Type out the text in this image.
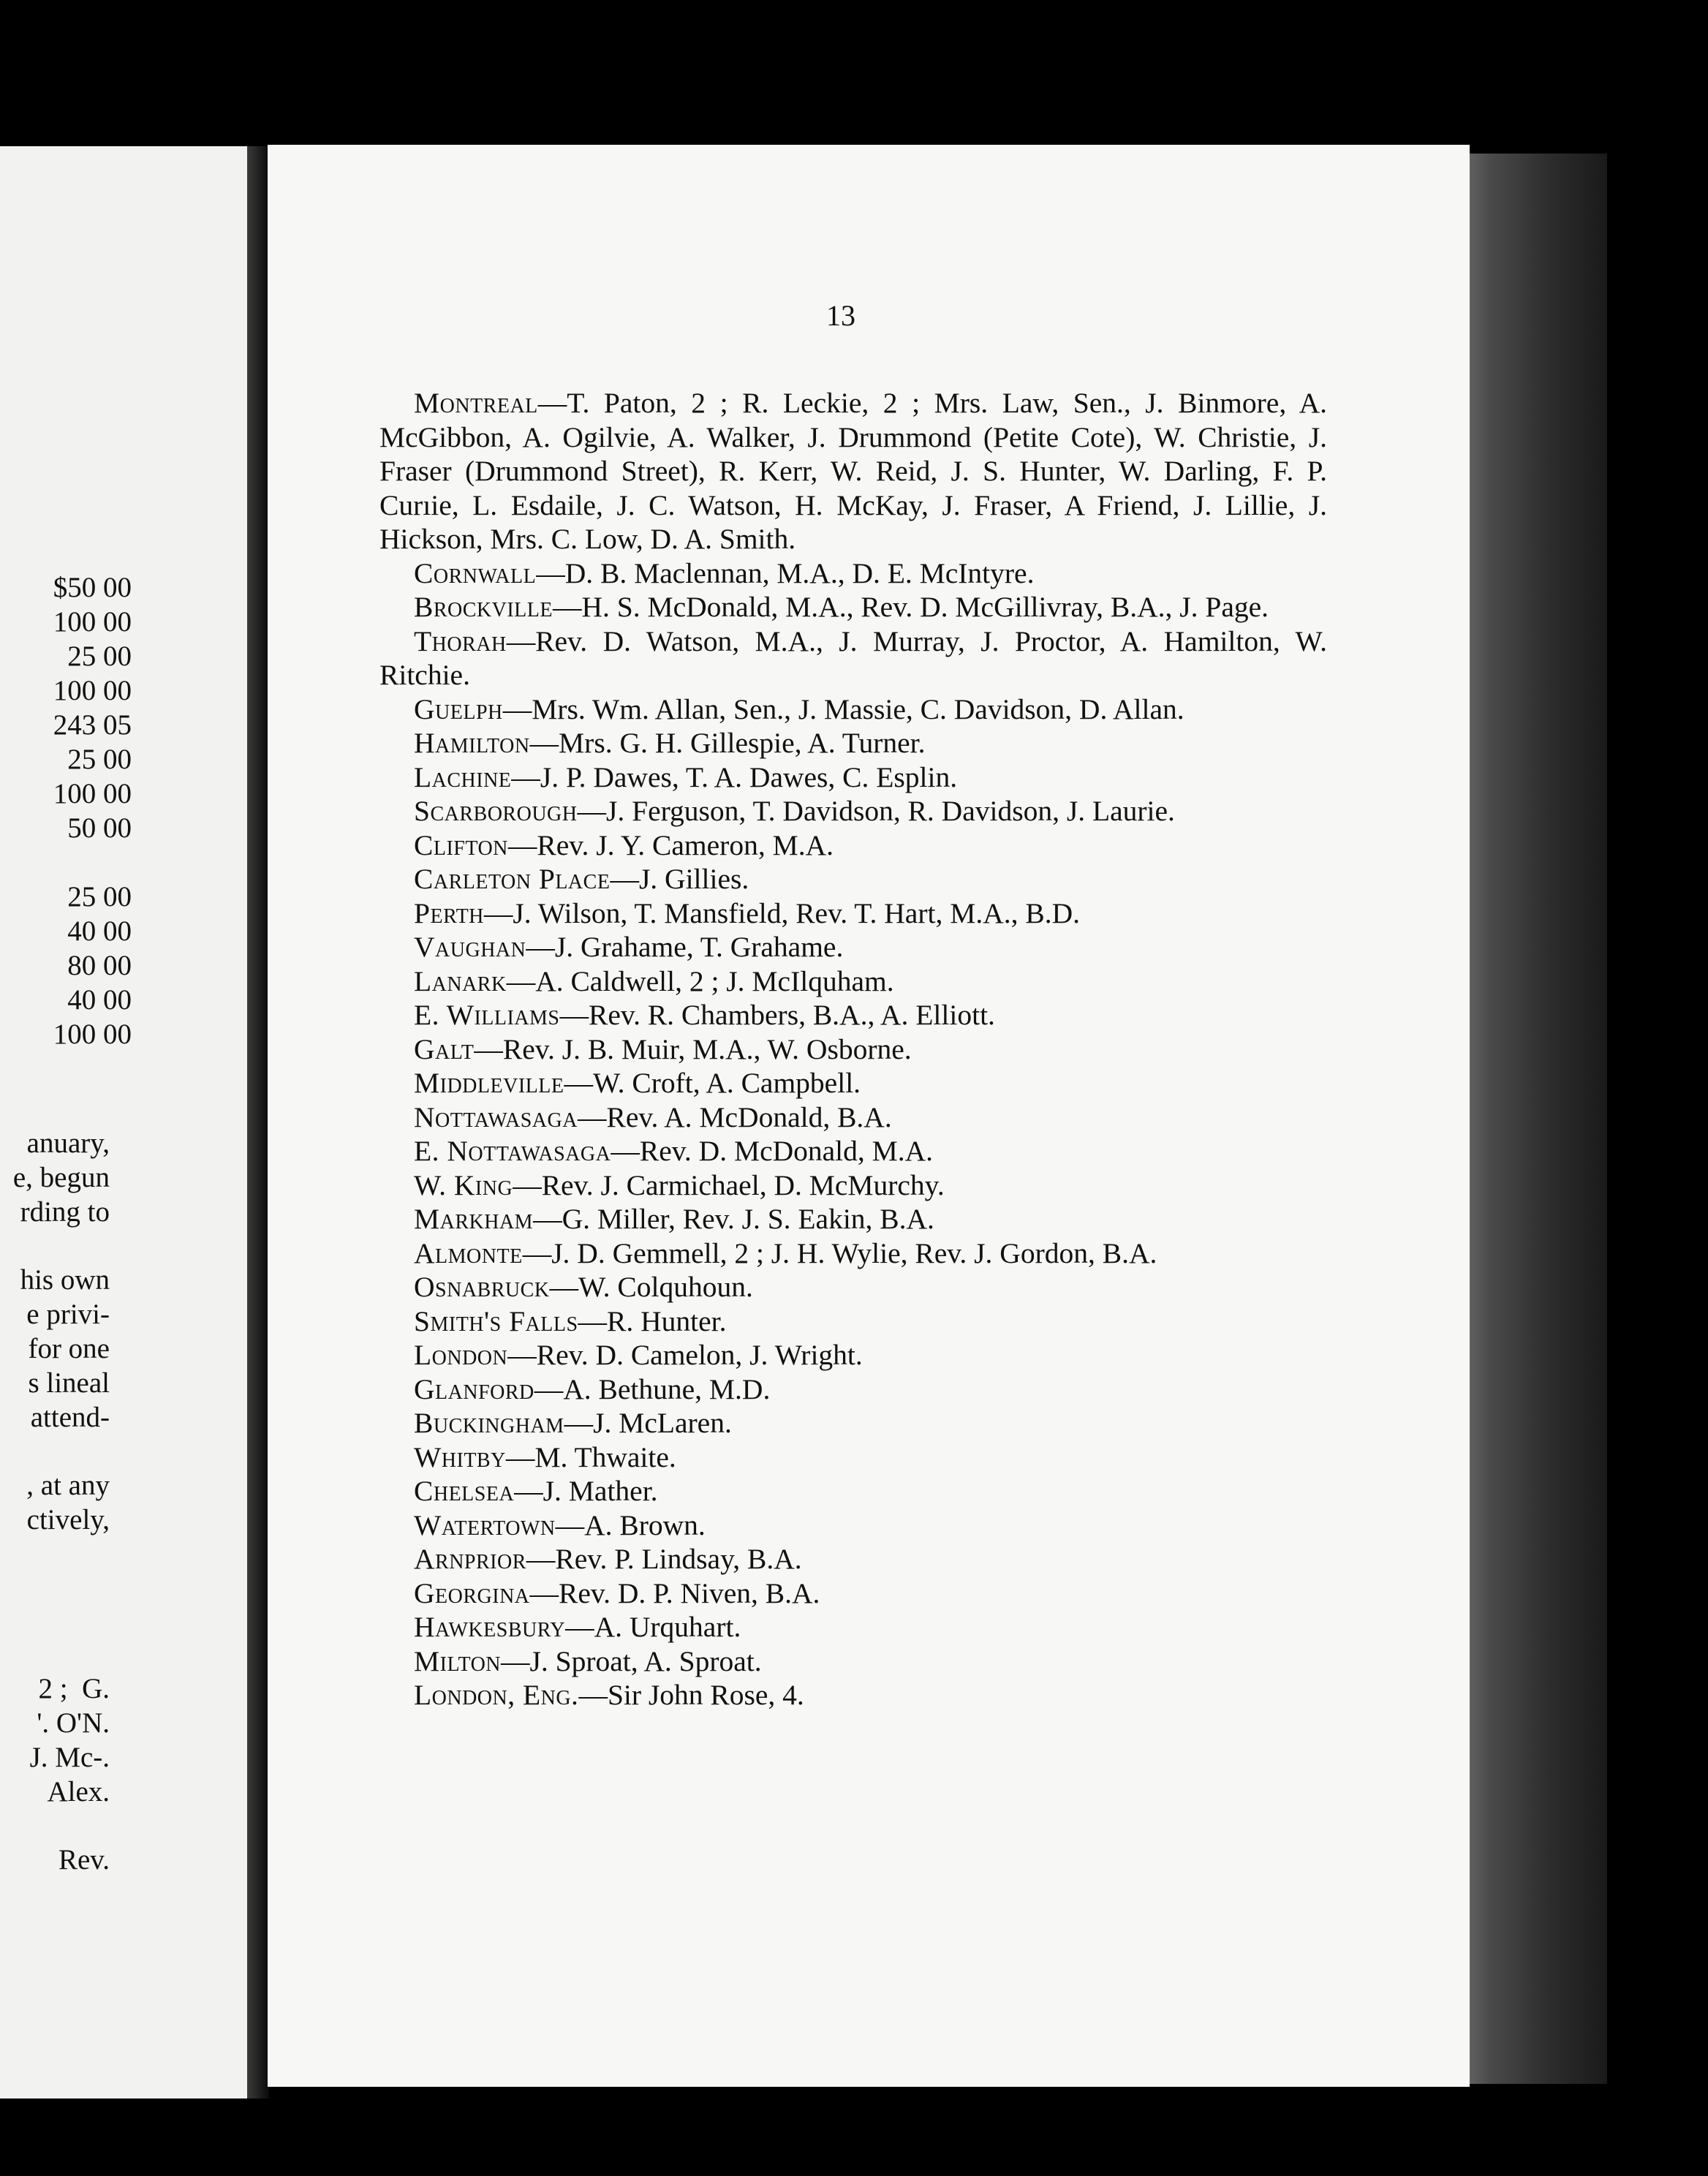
$50 00
100 00
25 00
100 00
243 05
25 00
100 00
50 00
25 00
40 00
80 00
40 00
100 00
anuary,
e, begun
rding to
his own
e privi-
for one
s lineal
attend-
, at any
ctively,
2 ;  G.
'. O'N.
J. Mc-.
Alex.
Rev.
13
Montreal—T. Paton, 2 ; R. Leckie, 2 ; Mrs. Law, Sen., J. Binmore, A. McGibbon, A. Ogilvie, A. Walker, J. Drummond (Petite Cote), W. Christie, J. Fraser (Drummond Street), R. Kerr, W. Reid, J. S. Hunter, W. Darling, F. P. Curıie, L. Esdaile, J. C. Watson, H. McKay, J. Fraser, A Friend, J. Lillie, J. Hickson, Mrs. C. Low, D. A. Smith.
Cornwall—D. B. Maclennan, M.A., D. E. McIntyre.
Brockville—H. S. McDonald, M.A., Rev. D. McGillivray, B.A., J. Page.
Thorah—Rev. D. Watson, M.A., J. Murray, J. Proctor, A. Hamilton, W. Ritchie.
Guelph—Mrs. Wm. Allan, Sen., J. Massie, C. Davidson, D. Allan.
Hamilton—Mrs. G. H. Gillespie, A. Turner.
Lachine—J. P. Dawes, T. A. Dawes, C. Esplin.
Scarborough—J. Ferguson, T. Davidson, R. Davidson, J. Laurie.
Clifton—Rev. J. Y. Cameron, M.A.
Carleton Place—J. Gillies.
Perth—J. Wilson, T. Mansfield, Rev. T. Hart, M.A., B.D.
Vaughan—J. Grahame, T. Grahame.
Lanark—A. Caldwell, 2 ; J. McIlquham.
E. Williams—Rev. R. Chambers, B.A., A. Elliott.
Galt—Rev. J. B. Muir, M.A., W. Osborne.
Middleville—W. Croft, A. Campbell.
Nottawasaga—Rev. A. McDonald, B.A.
E. Nottawasaga—Rev. D. McDonald, M.A.
W. King—Rev. J. Carmichael, D. McMurchy.
Markham—G. Miller, Rev. J. S. Eakin, B.A.
Almonte—J. D. Gemmell, 2 ; J. H. Wylie, Rev. J. Gordon, B.A.
Osnabruck—W. Colquhoun.
Smith's Falls—R. Hunter.
London—Rev. D. Camelon, J. Wright.
Glanford—A. Bethune, M.D.
Buckingham—J. McLaren.
Whitby—M. Thwaite.
Chelsea—J. Mather.
Watertown—A. Brown.
Arnprior—Rev. P. Lindsay, B.A.
Georgina—Rev. D. P. Niven, B.A.
Hawkesbury—A. Urquhart.
Milton—J. Sproat, A. Sproat.
London, Eng.—Sir John Rose, 4.
